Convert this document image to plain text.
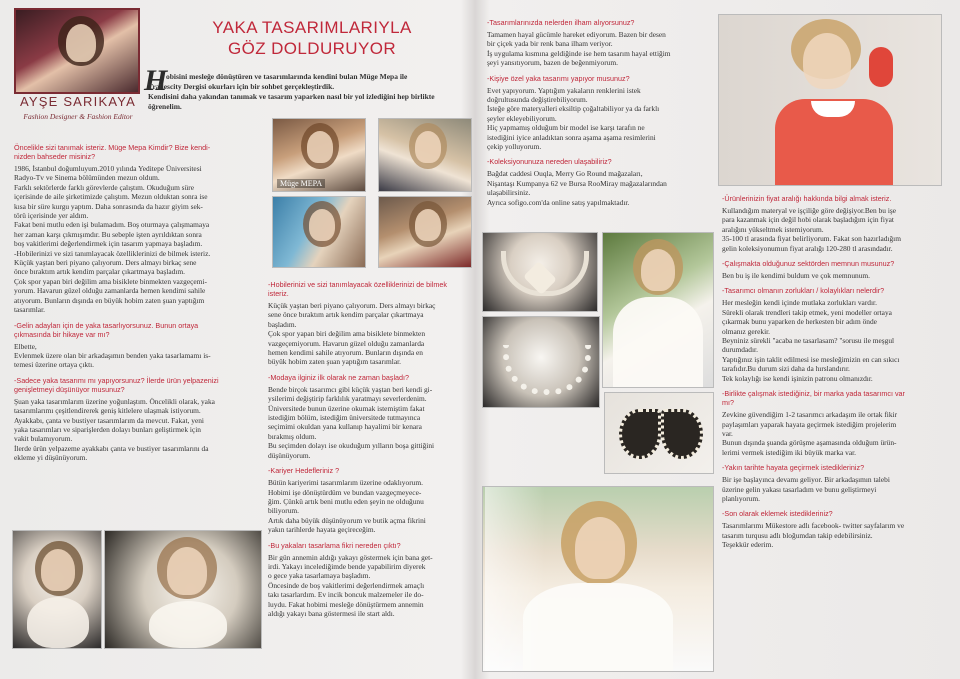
AYŞE SARIKAYA
Fashion Designer & Fashion Editor
YAKA TASARIMLARIYLA
GÖZ DOLDURUYOR
H
obisini mesleğe dönüştüren ve tasarımlarında kendini bulan Müge Mepa ile
Trallescity Dergisi okurları için bir sohbet gerçekleştirdik.
Kendisini daha yakından tanımak ve tasarım yaparken nasıl bir yol izlediğini hep birlikte
öğrenelim.
Öncelikle sizi tanımak isteriz. Müge Mepa Kimdir? Bize kendi-
nizden bahseder misiniz?

1986, İstanbul doğumluyum.2010 yılında Yeditepe Üniversitesi
Radyo-Tv ve Sinema bölümünden mezun oldum.
Farklı sektörlerde farklı görevlerde çalıştım. Okuduğum süre
içerisinde de aile şirketimizde çalıştım. Mezun olduktan sonra ise
kısa bir süre kurgu yaptım. Daha sonrasında da hazır giyim sek-
törü içerisinde yer aldım.
Fakat beni mutlu eden işi bulamadım. Boş oturmaya çalışmamaya
her zaman karşı çıkmışımdır. Bu sebeple işten ayrıldıktan sonra
boş vakitlerimi değerlendirmek için tasarım yapmaya başladım.
-Hobilerinizi ve sizi tanımlayacak özelliklerinizi de bilmek isteriz.
Küçük yaştan beri piyano çalıyorum. Ders almayı birkaç sene
önce bıraktım artık kendim parçalar çıkartmaya başladım.
Çok spor yapan biri değilim ama bisiklete binmekten vazgeçemi-
yorum. Havarun güzel olduğu zamanlarda hemen kendimi sahile
atıyorum. Bunların dışında en büyük hobim zaten şuan yaptığım
tasarımlar.

-Gelin adayları için de yaka tasarlıyorsunuz. Bunun ortaya
çıkmasında bir hikaye var mı?

Elbette,
Evlenmek üzere olan bir arkadaşımın benden yaka tasarlamamı is-
temesi üzerine ortaya çıktı.

-Sadece yaka tasarımı mı yapıyorsunuz? İlerde ürün yelpazenizi
genişletmeyi düşünüyor musunuz?

Şuan yaka tasarımlarım üzerine yoğunlaştım. Öncelikli olarak, yaka
tasarımlarımı çeşitlendirerek geniş kitlelere ulaşmak istiyorum.
Ayakkabı, çanta ve bustiyer tasarımlarım da mevcut. Fakat, yeni
yaka tasarımları ve siparişlerden dolayı bunları geliştirmek için
vakit bulamıyorum.
İlerde ürün yelpazeme ayakkabı çanta ve bustiyer tasarımlarını da
ekleme yi düşünüyorum.

Müge MEPA
-Hobilerinizi ve sizi tanımlayacak özelliklerinizi de bilmek
isteriz.

Küçük yaştan beri piyano çalıyorum. Ders almayı birkaç
sene önce bıraktım artık kendim parçalar çıkartmaya
başladım.
Çok spor yapan biri değilim ama bisiklete binmekten
vazgeçemiyorum. Havarun güzel olduğu zamanlarda
hemen kendimi sahile atıyorum. Bunların dışında en
büyük hobim zaten şuan yaptığım tasarımlar.

-Modaya ilginiz ilk olarak ne zaman başladı?

Bende birçok tasarımcı gibi küçük yaştan beri kendi gi-
ysilerimi değiştirip farklılık yaratmayı severlerdenim.
Üniversitede bunun üzerine okumak istemiştim fakat
istediğim bölüm, istediğim üniversitede tutmayınca
seçimimi okuldan yana kullanıp hayalimi bir kenara
bırakmış oldum.
Bu seçimden dolayı ise okuduğum yılların boşa gittiğini
düşünüyorum.

-Kariyer Hedefleriniz ?

Bütün kariyerimi tasarımlarım üzerine odaklıyorum.
Hobimi işe dönüştürdüm ve bundan vazgeçmeyece-
ğim. Çünkü artık beni mutlu eden şeyin ne olduğunu
biliyorum.
Artık daha büyük düşünüyorum ve butik açma fikrini
yakın tarihlerde hayata geçireceğim.

-Bu yakaları tasarlama fikri nereden çıktı?

Bir gün annemin aldığı yakayı göstermek için bana get-
irdi. Yakayı incelediğimde bende yapabilirim diyerek
o gece yaka tasarlamaya başladım.
Öncesinde de boş vakitlerimi değerlendirmek amaçlı
takı tasarlardım. Ev incik boncuk malzemeler ile do-
luydu. Fakat hobimi mesleğe dönüştürmem annemin
aldığı yakayı bana göstermesi ile start aldı.

-Tasarımlarınızda nelerden ilham alıyorsunuz?

Tamamen hayal gücümle hareket ediyorum. Bazen bir desen
bir çiçek yada bir renk bana ilham veriyor.
İş uygulama kısmına geldiğinde ise hem tasarım hayal ettiğim
şeyi yansıtıyorum, bazen de beğenmiyorum.

-Kişiye özel yaka tasarımı yapıyor musunuz?

Evet yapıyorum. Yaptığım yakaların renklerini istek
doğrultusunda değiştirebiliyorum.
İsteğe göre materyalleri eksiltip çoğaltabiliyor ya da farklı
şeyler ekleyebiliyorum.
Hiç yapmamış olduğum bir model ise karşı tarafın ne
istediğini iyice anladıktan sonra aşama aşama resimlerini
çekip yolluyorum.

-Koleksiyonunuza nereden ulaşabiliriz?

Bağdat caddesi Ouqla, Merry Go Round mağazaları,
Nişantaşı Kumpanya 62 ve Bursa RooMiray mağazalarından
ulaşabilirsiniz.
Ayrıca sofigo.com'da online satış yapılmaktadır.	-Ürünlerinizin fiyat aralığı hakkında bilgi almak isteriz.

Kullandığım materyal ve işçiliğe göre değişiyor.Ben bu işe
para kazanmak için değil hobi olarak başladığım için fiyat
aralığını yükseltmek istemiyorum.
35-100 tl arasında fiyat belirliyorum. Fakat son hazırladığım
gelin koleksiyonumun fiyat aralığı 120-280 tl arasındadır.

-Çalışmakta olduğunuz sektörden memnun musunuz?

Ben bu iş ile kendimi buldum ve çok memnunum.

-Tasarımcı olmanın zorlukları / kolaylıkları nelerdir?

Her mesleğin kendi içinde mutlaka zorlukları vardır.
Sürekli olarak trendleri takip etmek, yeni modeller ortaya
çıkarmak bunu yaparken de herkesten bir adım önde
olmanız gerekir.
Beyniniz sürekli "acaba ne tasarlasam? "sorusu ile meşgul
durumdadır.
Yaptığınız işin taklit edilmesi ise mesleğimizin en can sıkıcı
tarafıdır.Bu durum sizi daha da hırslandırır.
Tek kolaylığı ise kendi işinizin patronu olmanızdır.

-Birlikte çalışmak istediğiniz, bir marka yada tasarımcı var
mı?

Zevkine güvendiğim 1-2 tasarımcı arkadaşım ile ortak fikir
paylaşımları yaparak hayata geçirmek istediğim projelerim
var.
Bunun dışında şuanda görüşme aşamasında olduğum ürün-
lerimi vermek istediğim iki büyük marka var.

-Yakın tarihte hayata geçirmek istedikleriniz?

Bir işe başlayınca devamı geliyor. Bir arkadaşımın talebi
üzerine gelin yakası tasarladım ve bunu geliştirmeyi
planlıyorum.

-Son olarak eklemek istedikleriniz?

Tasarımlarımı Mükestore adlı facebook- twitter sayfalarım ve
tasarım turqusu adlı bloğumdan takip edebilirsiniz.
Teşekkür ederim.
